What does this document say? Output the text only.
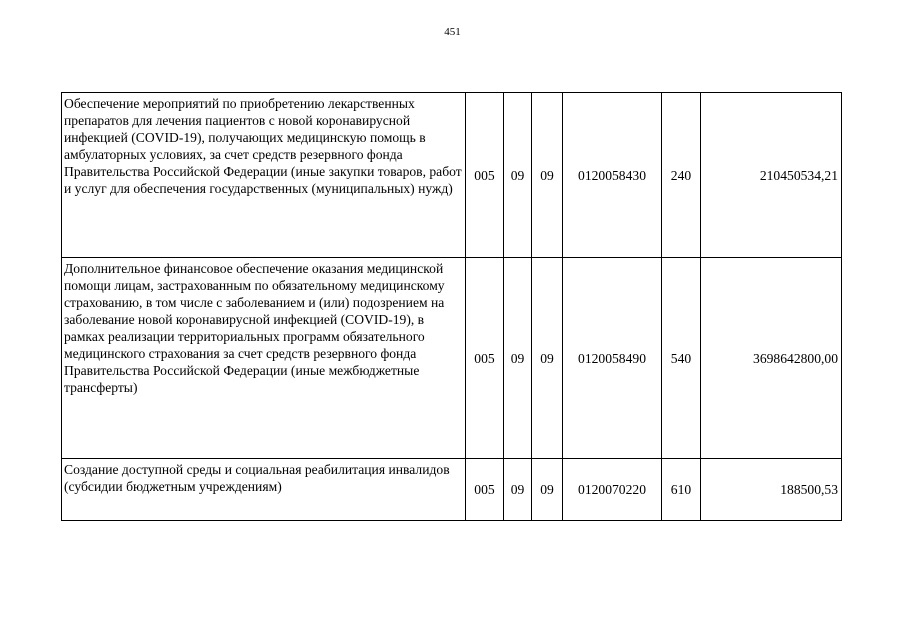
451
Обеспечение мероприятий по приобретению лекарственных препаратов для лечения пациентов с новой коронавирусной инфекцией (COVID-19), получающих медицинскую помощь в амбулаторных условиях, за счет средств резервного фонда Правительства Российской Федерации (иные закупки товаров, работ и услуг для обеспечения государственных (муниципальных) нужд)	005	09	09	0120058430	240	210450534,21
Дополнительное финансовое обеспечение оказания медицинской помощи лицам, застрахованным по обязательному медицинскому страхованию, в том числе с заболеванием и (или) подозрением на заболевание новой коронавирусной инфекцией (COVID-19), в рамках реализации территориальных программ обязательного медицинского страхования за счет средств резервного фонда Правительства Российской Федерации (иные межбюджетные трансферты)	005	09	09	0120058490	540	3698642800,00
Создание доступной среды и социальная реабилитация инвалидов (субсидии бюджетным учреждениям)	005	09	09	0120070220	610	188500,53
